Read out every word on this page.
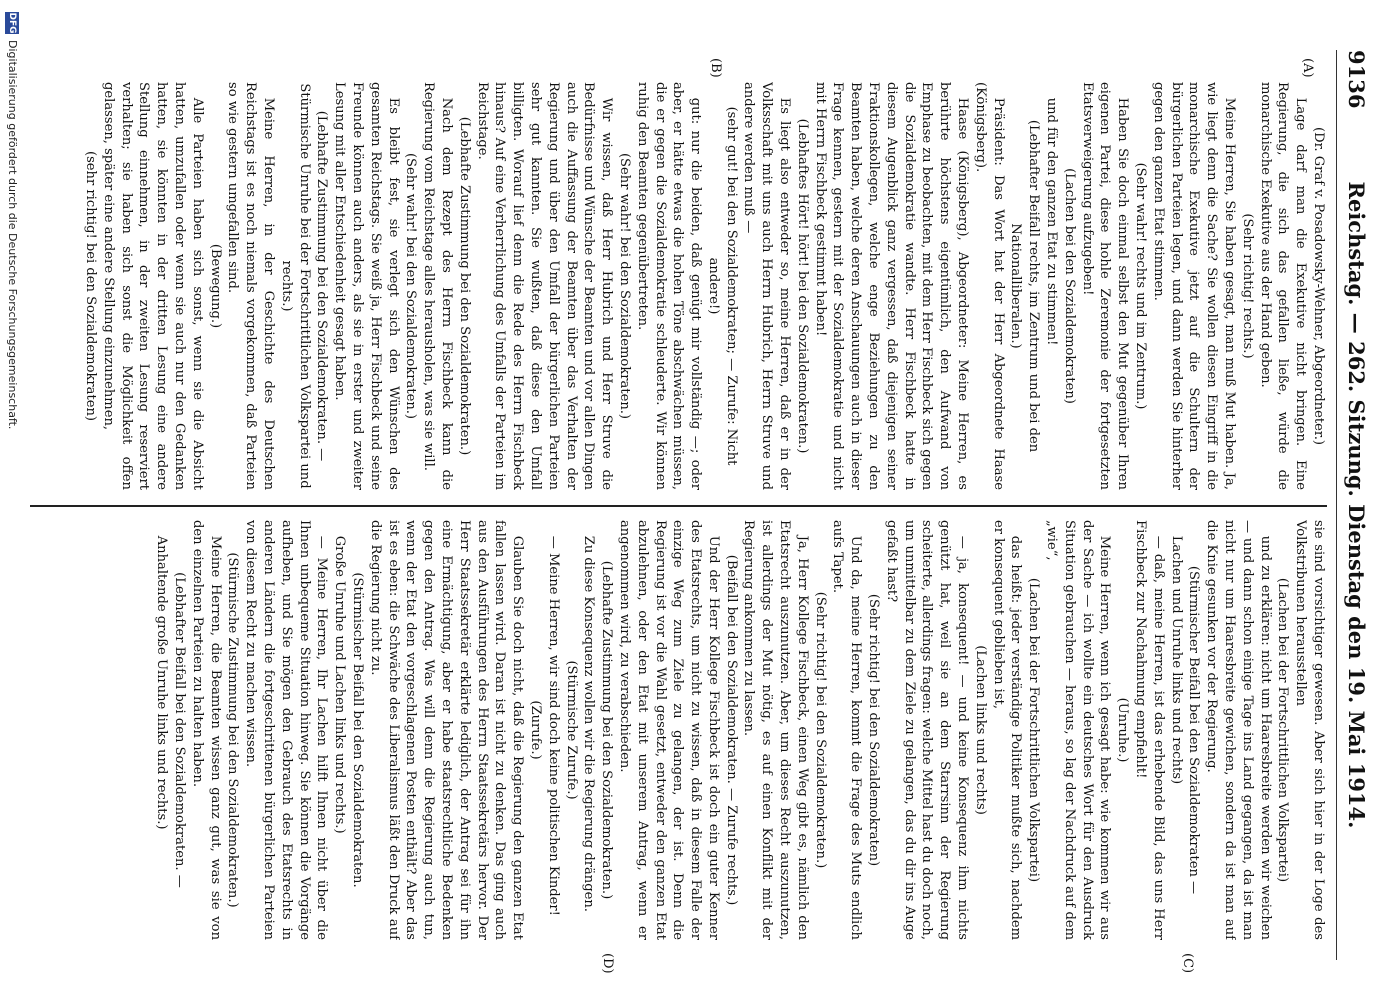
9136
Reichstag. — 262. Sitzung. Dienstag den 19. Mai 1914.
(A)
(B)
(C)
(D)

(Dr. Graf v. Posadowsky-Wehner, Abgeordneter.)

Lage darf man die Exekutive nicht bringen. Eine Regierung, die sich das gefallen ließe, würde die monarchische Exekutive aus der Hand geben.

(Sehr richtig! rechts.)

Meine Herren, Sie haben gesagt, man muß Mut haben. Ja, wie liegt denn die Sache? Sie wollen diesen Eingriff in die monarchische Exekutive jetzt auf die Schultern der bürgerlichen Parteien legen, und dann werden Sie hinterher gegen den ganzen Etat stimmen.

(Sehr wahr! rechts und im Zentrum.)

Haben Sie doch einmal selbst den Mut gegenüber Ihren eigenen Partei, diese hohle Zeremonie der fortgesetzten Etatsverweigerung aufzugeben!

(Lachen bei den Sozialdemokraten)

und für den ganzen Etat zu stimmen!

(Lebhafter Beifall rechts, im Zentrum und bei den Nationalliberalen.)

Präsident: Das Wort hat der Herr Abgeordnete Haase (Königsberg).

Haase (Königsberg), Abgeordneter: Meine Herren, es berührte höchstens eigentümlich, den Aufwand von Emphase zu beobachten, mit dem Herr Fischbeck sich gegen die Sozialdemokratie wandte. Herr Fischbeck hatte in diesem Augenblick ganz vergessen, daß diejenigen seiner Fraktionskollegen, welche enge Beziehungen zu den Beamten haben, welche deren Anschauungen auch in dieser Frage kennen, gestern mit der Sozialdemokratie und nicht mit Herrn Fischbeck gestimmt haben!

(Lebhaftes Hört! hört! bei den Sozialdemokraten.)

Es liegt also entweder so, meine Herren, daß er in der Volksschaft mit uns auch Herrn Hubrich, Herrn Struve und andere werden muß —

(sehr gut! bei den Sozialdemokraten; — Zurufe: Nicht andere!)

gut: nur die beiden, daß genügt mir vollständig —; oder aber, er hätte etwas die hohen Töne abschwächen müssen, die er gegen die Sozialdemokratie schleuderte. Wir können ruhig den Beamten gegenübertreten.

(Sehr wahr! bei den Sozialdemokraten.)

Wir wissen, daß Herr Hubrich und Herr Struve die Bedürfnisse und Wünsche der Beamten und vor allen Dingen auch die Auffassung der Beamten über das Verhalten der Regierung und über den Umfall der bürgerlichen Parteien sehr gut kannten. Sie wußten, daß diese den Umfall billigten. Worauf lief denn die Rede des Herrn Fischbeck hinaus? Auf eine Verherrlichung des Umfalls der Parteien im Reichstage.

(Lebhafte Zustimmung bei den Sozialdemokraten.)

Nach dem Rezept des Herrn Fischbeck kann die Regierung vom Reichstage alles herausholen, was sie will.

(Sehr wahr! bei den Sozialdemokraten.)

Es bleibt fest, sie verlegt sich den Wünschen des gesamten Reichstags. Sie weiß ja, Herr Fischbeck und seine Freunde können auch anders, als sie in erster und zweiter Lesung mit aller Entschiedenheit gesagt haben.

(Lebhafte Zustimmung bei den Sozialdemokraten. — Stürmische Unruhe bei der Fortschrittlichen Volkspartei und rechts.)

Meine Herren, in der Geschichte des Deutschen Reichstags ist es noch niemals vorgekommen, daß Parteien so wie gestern umgefallen sind.

(Bewegung.)

Alle Parteien haben sich sonst, wenn sie die Absicht hatten, umzufallen oder wenn sie auch nur den Gedanken hatten, sie könnten in der dritten Lesung eine andere Stellung einnehmen, in der zweiten Lesung reserviert verhalten; sie haben sich sonst die Möglichkeit offen gelassen, später eine andere Stellung einzunehmen,

(sehr richtig! bei den Sozialdemokraten)

sie sind vorsichtiger gewesen. Aber sich hier in der Loge des Volkstribunen herausstellen

(Lachen bei der Fortschrittlichen Volkspartei)

und zu erklären: nicht um Haaresbreite werden wir weichen — und dann schon einige Tage ins Land gegangen, da ist man nicht nur um Haaresbreite gewichen, sondern da ist man auf die Knie gesunken vor der Regierung.

(Stürmischer Beifall bei den Sozialdemokraten —

Lachen und Unruhe links und rechts)

— daß, meine Herren, ist das erhebende Bild, das uns Herr Fischbeck zur Nachahmung empfiehlt!

(Unruhe.)

Meine Herren, wenn ich gesagt habe: wie kommen wir aus der Sache — ich wollte ein deutsches Wort für den Ausdruck Situation gebrauchen — heraus, so lag der Nachdruck auf dem „wie“,

(Lachen bei der Fortschrittlichen Volkspartei)

das heißt: jeder verständige Politiker mußte sich, nachdem er konsequent geblieben ist,

(Lachen links und rechts)

— ja, konsequent! — und keine Konsequenz ihm nichts genützt hat, weil sie an dem Starrsinn der Regierung scheiterte, allerdings fragen: welche Mittel hast du doch noch, um unmittelbar zu dem Ziele zu gelangen, das du dir ins Auge gefaßt hast?

(Sehr richtig! bei den Sozialdemokraten)

Und da, meine Herren, kommt die Frage des Muts endlich aufs Tapet.

(Sehr richtig! bei den Sozialdemokraten.)

Ja, Herr Kollege Fischbeck, einen Weg gibt es, nämlich den Etatsrecht auszunutzen. Aber, um dieses Recht auszunutzen, ist allerdings der Mut nötig, es auf einen Konflikt mit der Regierung ankommen zu lassen.

(Beifall bei den Sozialdemokraten. — Zurufe rechts.)

Und der Herr Kollege Fischbeck ist doch ein guter Kenner des Etatsrechts, um nicht zu wissen, daß in diesem Falle der einzige Weg zum Ziele zu gelangen, der ist. Denn die Regierung ist vor die Wahl gesetzt, entweder den ganzen Etat abzulehnen, oder den Etat mit unserem Antrag, wenn er angenommen wird, zu verabschieden.

(Lebhafte Zustimmung bei den Sozialdemokraten.)

Zu diese Konsequenz wollen wir die Regierung drängen.

(Stürmische Zurufe.)

— Meine Herren, wir sind doch keine politischen Kinder!

(Zurufe.)

Glauben Sie doch nicht, daß die Regierung den ganzen Etat fallen lassen wird. Daran ist nicht zu denken. Das ging auch aus den Ausführungen des Herrn Staatssekretärs hervor. Der Herr Staatssekretär erklärte lediglich, der Antrag sei für ihn eine Ermächtigung, aber er habe staatsrechtliche Bedenken gegen den Antrag. Was will denn die Regierung auch tun, wenn der Etat den vorgeschlagenen Posten enthält? Aber das ist es eben: die Schwäche des Liberalismus läßt den Druck auf die Regierung nicht zu.

(Stürmischer Beifall bei den Sozialdemokraten.

Große Unruhe und Lachen links und rechts.)

— Meine Herren, Ihr Lachen hilft Ihnen nicht über die Ihnen unbequeme Situation hinweg. Sie können die Vorgänge aufheben, und Sie mögen den Gebrauch des Etatsrechts in anderen Ländern die fortgeschrittenen bürgerlichen Parteien von diesem Recht zu machen wissen.

(Stürmische Zustimmung bei den Sozialdemokraten.)

Meine Herren, die Beamten wissen ganz gut, was sie von den einzelnen Parteien zu halten haben.

(Lebhafter Beifall bei den Sozialdemokraten. —

Anhaltende große Unruhe links und rechts.)

DFG
Digitalisierung gefördert durch die Deutsche Forschungsgemeinschaft.
